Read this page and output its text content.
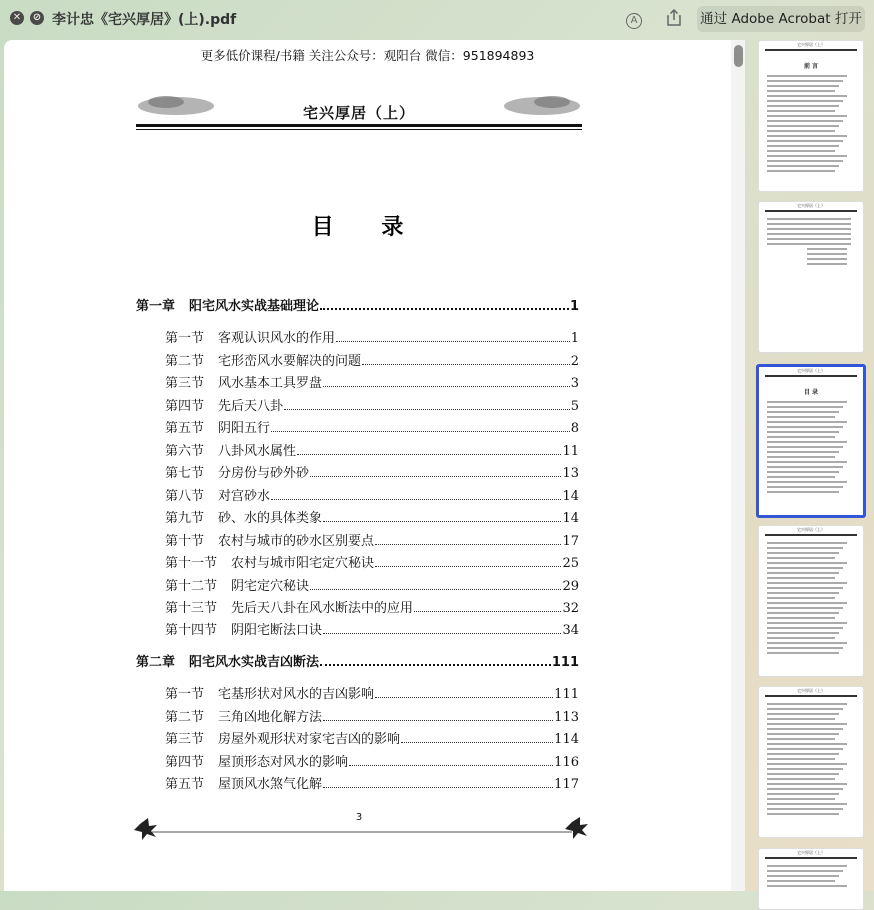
✕ ⊘ 李计忠《宅兴厚居》(上).pdf	A	通过 Adobe Acrobat 打开
更多低价课程/书籍 关注公众号：观阳台 微信：951894893
宅兴厚居（上）
目 录
第一章	阳宅风水实战基础理论	1
第一节	客观认识风水的作用	1
第二节	宅形峦风水要解决的问题	2
第三节	风水基本工具罗盘	3
第四节	先后天八卦	5
第五节	阴阳五行	8
第六节	八卦风水属性	11
第七节	分房份与砂外砂	13
第八节	对宫砂水	14
第九节	砂、水的具体类象	14
第十节	农村与城市的砂水区别要点	17
第十一节	农村与城市阳宅定穴秘诀	25
第十二节	阴宅定穴秘诀	29
第十三节	先后天八卦在风水断法中的应用	32
第十四节	阴阳宅断法口诀	34
第二章	阳宅风水实战吉凶断法	111
第一节	宅基形状对风水的吉凶影响	111
第二节	三角凶地化解方法	113
第三节	房屋外观形状对家宅吉凶的影响	114
第四节	屋顶形态对风水的影响	116
第五节	屋顶风水煞气化解	117
3
宅兴厚居（上）
前 言
宅兴厚居（上）
宅兴厚居（上）
目 录
宅兴厚居（上）
宅兴厚居（上）
宅兴厚居（上）
